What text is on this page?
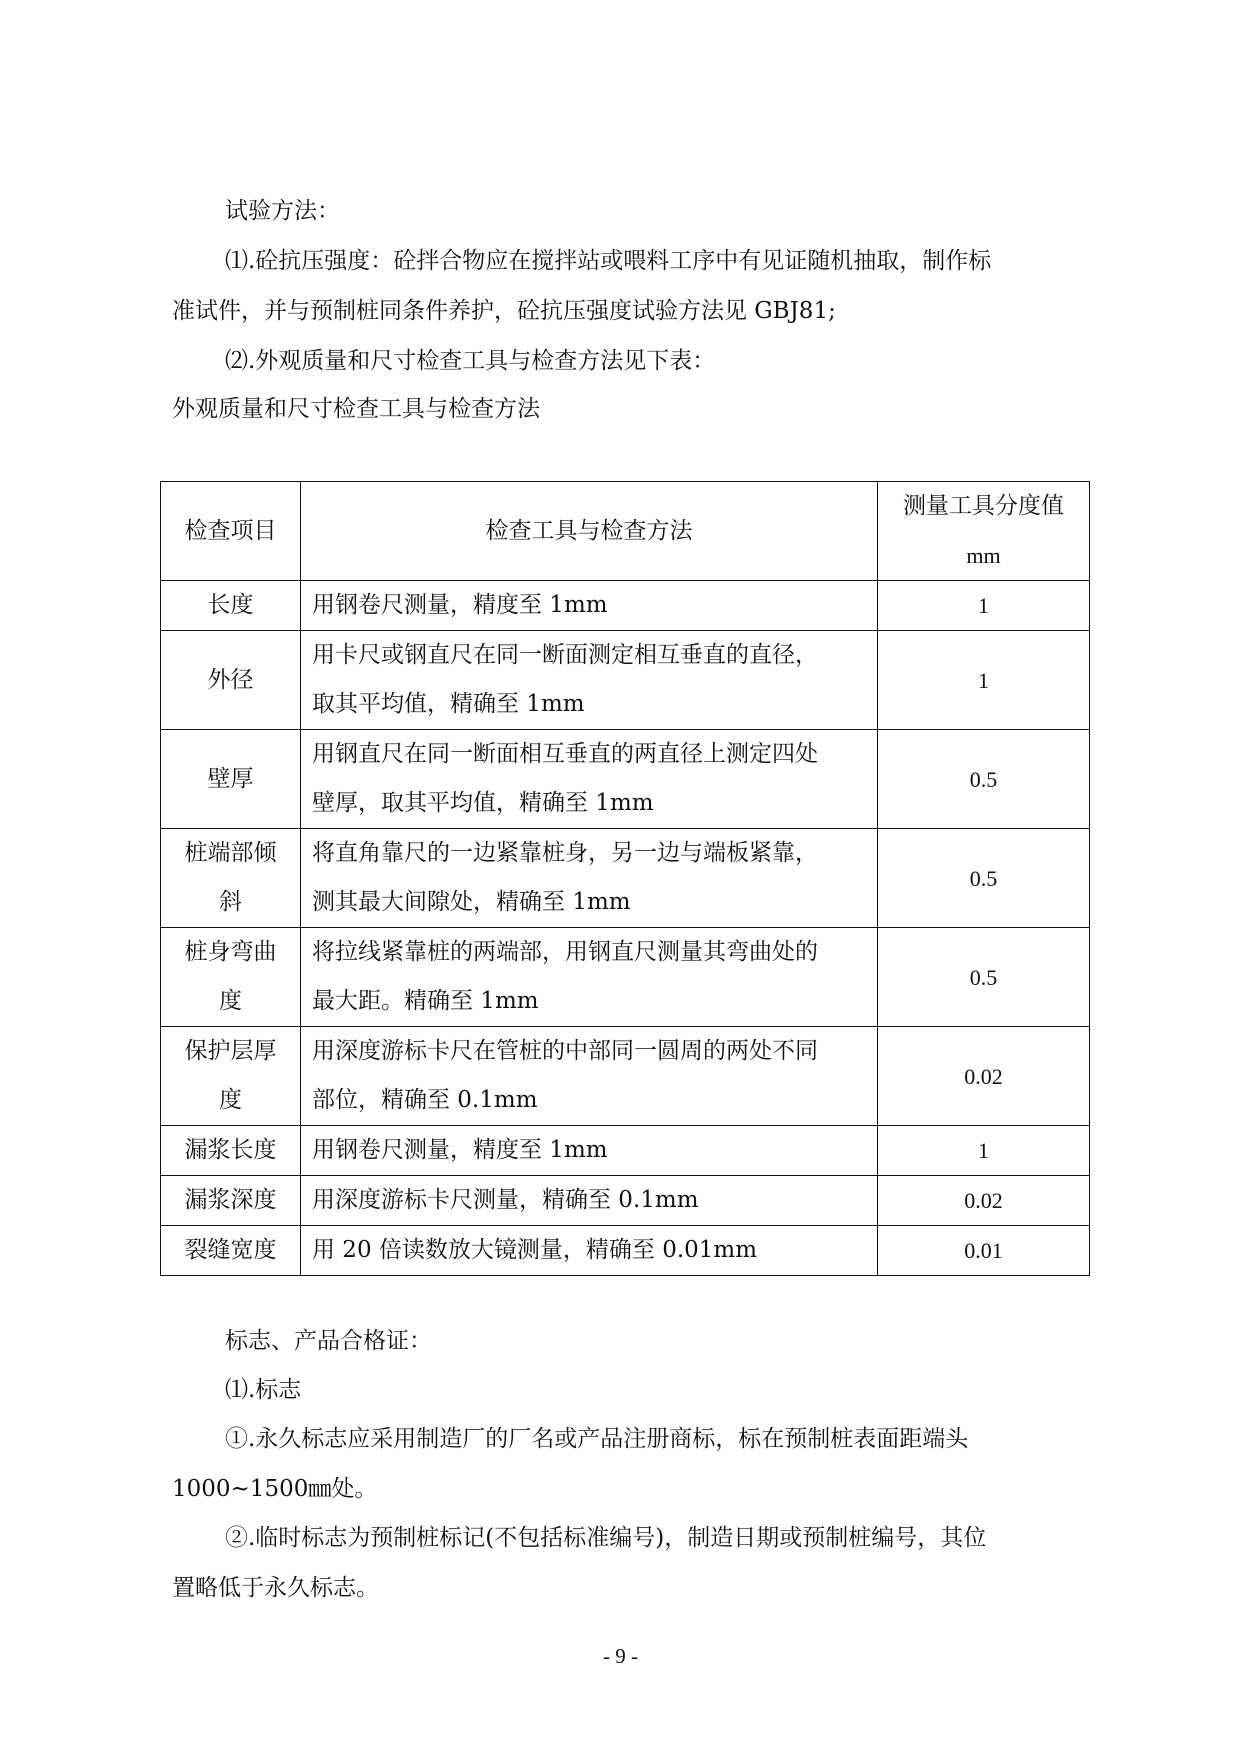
试验方法：
⑴.砼抗压强度：砼拌合物应在搅拌站或喂料工序中有见证随机抽取，制作标
准试件，并与预制桩同条件养护，砼抗压强度试验方法见 GBJ81;
⑵.外观质量和尺寸检查工具与检查方法见下表：
外观质量和尺寸检查工具与检查方法
检查项目	检查工具与检查方法	测量工具分度值
mm

长度	用钢卷尺测量，精度至 1mm	1
外径	用卡尺或钢直尺在同一断面测定相互垂直的直径，
取其平均值，精确至 1mm	1
壁厚	用钢直尺在同一断面相互垂直的两直径上测定四处
壁厚，取其平均值，精确至 1mm	0.5

桩端部倾
斜	将直角靠尺的一边紧靠桩身，另一边与端板紧靠，
测其最大间隙处，精确至 1mm	0.5

桩身弯曲
度	将拉线紧靠桩的两端部，用钢直尺测量其弯曲处的
最大距。精确至 1mm	0.5

保护层厚
度	用深度游标卡尺在管桩的中部同一圆周的两处不同
部位，精确至 0.1mm	0.02
漏浆长度	用钢卷尺测量，精度至 1mm	1
漏浆深度	用深度游标卡尺测量，精确至 0.1mm	0.02
裂缝宽度	用 20 倍读数放大镜测量，精确至 0.01mm	0.01
标志、产品合格证：
⑴.标志
①.永久标志应采用制造厂的厂名或产品注册商标，标在预制桩表面距端头
1000~1500㎜处。
②.临时标志为预制桩标记(不包括标准编号)，制造日期或预制桩编号，其位
置略低于永久标志。
- 9 -
